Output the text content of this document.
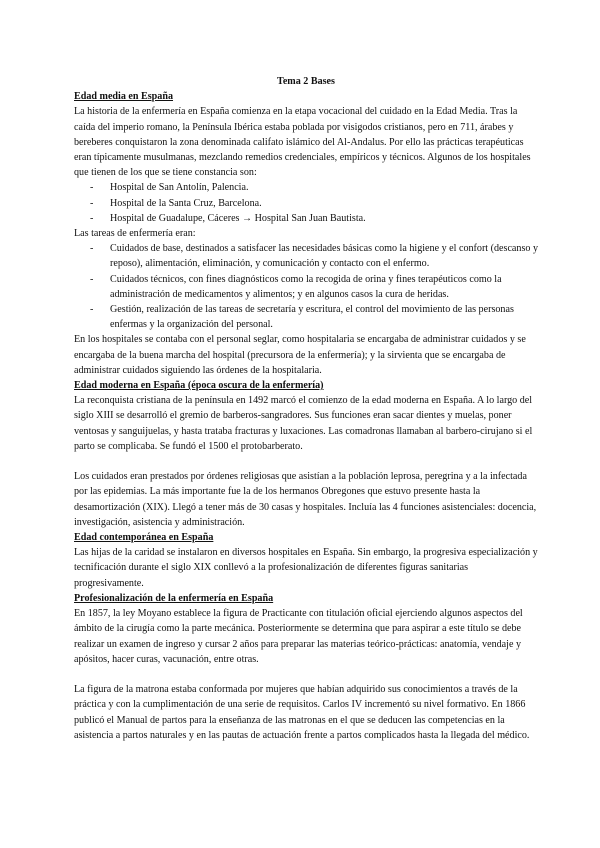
Tema 2 Bases

Edad media en España

La historia de la enfermería en España comienza en la etapa vocacional del cuidado en la Edad Media. Tras la caída del imperio romano, la Península Ibérica estaba poblada por visigodos cristianos, pero en 711, árabes y bereberes conquistaron la zona denominada califato islámico del Al-Andalus. Por ello las prácticas terapéuticas eran típicamente musulmanas, mezclando remedios credenciales, empíricos y técnicos. Algunos de los hospitales que tienen de los que se tiene constancia son:

- Hospital de San Antolín, Palencia.
- Hospital de la Santa Cruz, Barcelona.
- Hospital de Guadalupe, Cáceres → Hospital San Juan Bautista.

Las tareas de enfermería eran:

- Cuidados de base, destinados a satisfacer las necesidades básicas como la higiene y el confort (descanso y reposo), alimentación, eliminación, y comunicación y contacto con el enfermo.
- Cuidados técnicos, con fines diagnósticos como la recogida de orina y fines terapéuticos como la administración de medicamentos y alimentos; y en algunos casos la cura de heridas.
- Gestión, realización de las tareas de secretaría y escritura, el control del movimiento de las personas enfermas y la organización del personal.

En los hospitales se contaba con el personal seglar, como hospitalaria se encargaba de administrar cuidados y se encargaba de la buena marcha del hospital (precursora de la enfermería); y la sirvienta que se encargaba de administrar cuidados siguiendo las órdenes de la hospitalaria.

Edad moderna en España (época oscura de la enfermería)

La reconquista cristiana de la península en 1492 marcó el comienzo de la edad moderna en España. A lo largo del siglo XIII se desarrolló el gremio de barberos-sangradores. Sus funciones eran sacar dientes y muelas, poner ventosas y sanguijuelas, y hasta trataba fracturas y luxaciones. Las comadronas llamaban al barbero-cirujano si el parto se complicaba. Se fundó el 1500 el protobarberato.

Los cuidados eran prestados por órdenes religiosas que asistían a la población leprosa, peregrina y a la infectada por las epidemias. La más importante fue la de los hermanos Obregones que estuvo presente hasta la desamortización (XIX). Llegó a tener más de 30 casas y hospitales. Incluía las 4 funciones asistenciales: docencia, investigación, asistencia y administración.

Edad contemporánea en España

Las hijas de la caridad se instalaron en diversos hospitales en España. Sin embargo, la progresiva especialización y tecnificación durante el siglo XIX conllevó a la profesionalización de diferentes figuras sanitarias progresivamente.

Profesionalización de la enfermería en España

En 1857, la ley Moyano establece la figura de Practicante con titulación oficial ejerciendo algunos aspectos del ámbito de la cirugía como la parte mecánica. Posteriormente se determina que para aspirar a este título se debe realizar un examen de ingreso y cursar 2 años para preparar las materias teórico-prácticas: anatomía, vendaje y apósitos, hacer curas, vacunación, entre otras.

La figura de la matrona estaba conformada por mujeres que habían adquirido sus conocimientos a través de la práctica y con la cumplimentación de una serie de requisitos. Carlos IV incrementó su nivel formativo. En 1866 publicó el Manual de partos para la enseñanza de las matronas en el que se deducen las competencias en la asistencia a partos naturales y en las pautas de actuación frente a partos complicados hasta la llegada del médico.
